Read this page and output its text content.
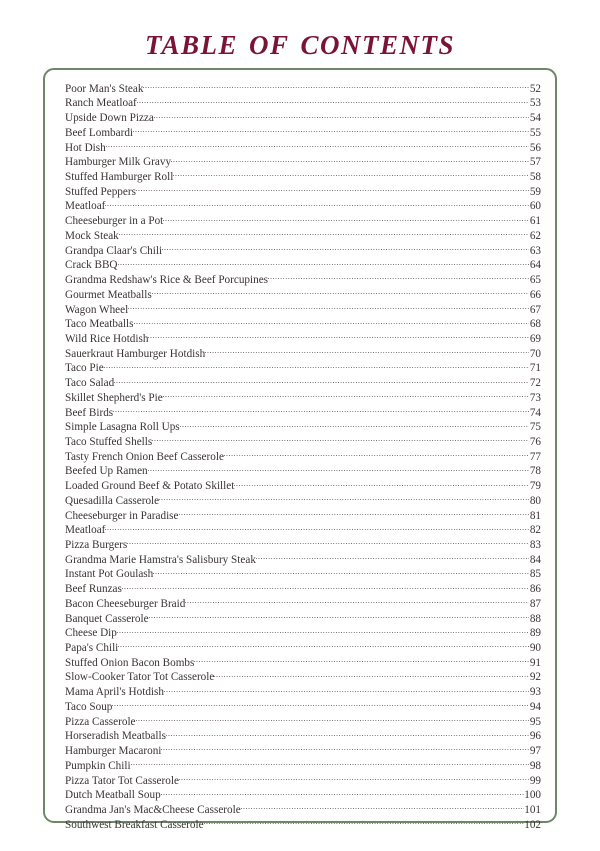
table of contents
Poor Man's Steak	52
Ranch Meatloaf	53
Upside Down Pizza	54
Beef Lombardi	55
Hot Dish	56
Hamburger Milk Gravy	57
Stuffed Hamburger Roll	58
Stuffed Peppers	59
Meatloaf	60
Cheeseburger in a Pot	61
Mock Steak	62
Grandpa Claar's Chili	63
Crack BBQ	64
Grandma Redshaw's Rice & Beef Porcupines	65
Gourmet Meatballs	66
Wagon Wheel	67
Taco Meatballs	68
Wild Rice Hotdish	69
Sauerkraut Hamburger Hotdish	70
Taco Pie	71
Taco Salad	72
Skillet Shepherd's Pie	73
Beef Birds	74
Simple Lasagna Roll Ups	75
Taco Stuffed Shells	76
Tasty French Onion Beef Casserole	77
Beefed Up Ramen	78
Loaded Ground Beef & Potato Skillet	79
Quesadilla Casserole	80
Cheeseburger in Paradise	81
Meatloaf	82
Pizza Burgers	83
Grandma Marie Hamstra's Salisbury Steak	84
Instant Pot Goulash	85
Beef Runzas	86
Bacon Cheeseburger Braid	87
Banquet Casserole	88
Cheese Dip	89
Papa's Chili	90
Stuffed Onion Bacon Bombs	91
Slow-Cooker Tator Tot Casserole	92
Mama April's Hotdish	93
Taco Soup	94
Pizza Casserole	95
Horseradish Meatballs	96
Hamburger Macaroni	97
Pumpkin Chili	98
Pizza Tator Tot Casserole	99
Dutch Meatball Soup	100
Grandma Jan's Mac&Cheese Casserole	101
Southwest Breakfast Casserole	102
